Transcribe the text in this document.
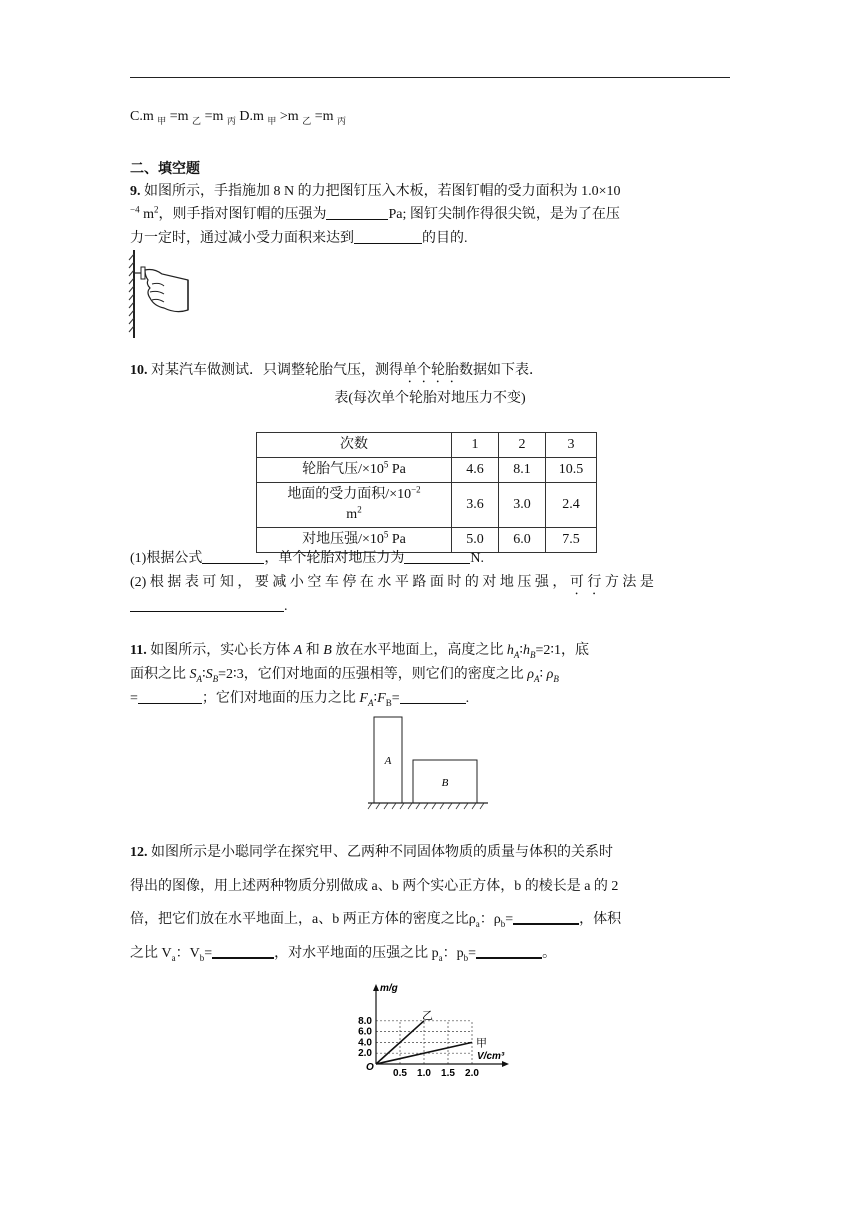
C.m $_甲$ =m $_乙$ =m $_丙$ D.m $_甲$ >m $_乙$ =m $_丙$
二、填空题
9. 如图所示，手指施加 8 N 的力把图钉压入木板，若图钉帽的受力面积为 1.0×10
$^{-4}$ $m^2$，则手指对图钉帽的压强为	Pa; 图钉尖制作得很尖锐，是为了在压
力一定时，通过减小受力面积来达到	的目的.
10. 对某汽车做测试．只调整轮胎气压，测得单个轮胎数据如下表．
表(每次单个轮胎对地压力不变)
次数	1	2	3
轮胎气压$/\times 10^5$ Pa	4.6	8.1	10.5
地面的受力面积$/\times 10^{-2}$
$m^2$	3.6	3.0	2.4
对地压强$/\times 10^5$ Pa	5.0	6.0	7.5
(1)根据公式	，单个轮胎对地压力为	N.
(2) 根 据 表 可 知 ， 要 减 小 空 车 停 在 水 平 路 面 时 的 对 地 压 强 ， 可 行 方 法 是
.
11. 如图所示，实心长方体 A 和 B 放在水平地面上，高度之比 $h_A∶h_B=2∶1$，底
面积之比 $S_A∶S_B=2∶3$，它们对地面的压强相等，则它们的密度之比 $\rho_A∶$ $\rho_B$
=	；它们对地面的压力之比 $F_A∶F_B=$	.
A
B
12. 如图所示是小聪同学在探究甲、乙两种不同固体物质的质量与体积的关系时
得出的图像，用上述两种物质分别做成 a、b 两个实心正方体，b 的棱长是 a 的 2
倍，把它们放在水平地面上，a、b 两正方体的密度之比$\rho_a$：$\rho_b=$	，体积
之比 $V_a$：$V_b=$	，对水平地面的压强之比 $p_a$：$p_b=$	。
0.5 1.0 1.5 2.0
2.0
4.0
6.0
8.0
m/g
V/cm³
O
乙
甲
